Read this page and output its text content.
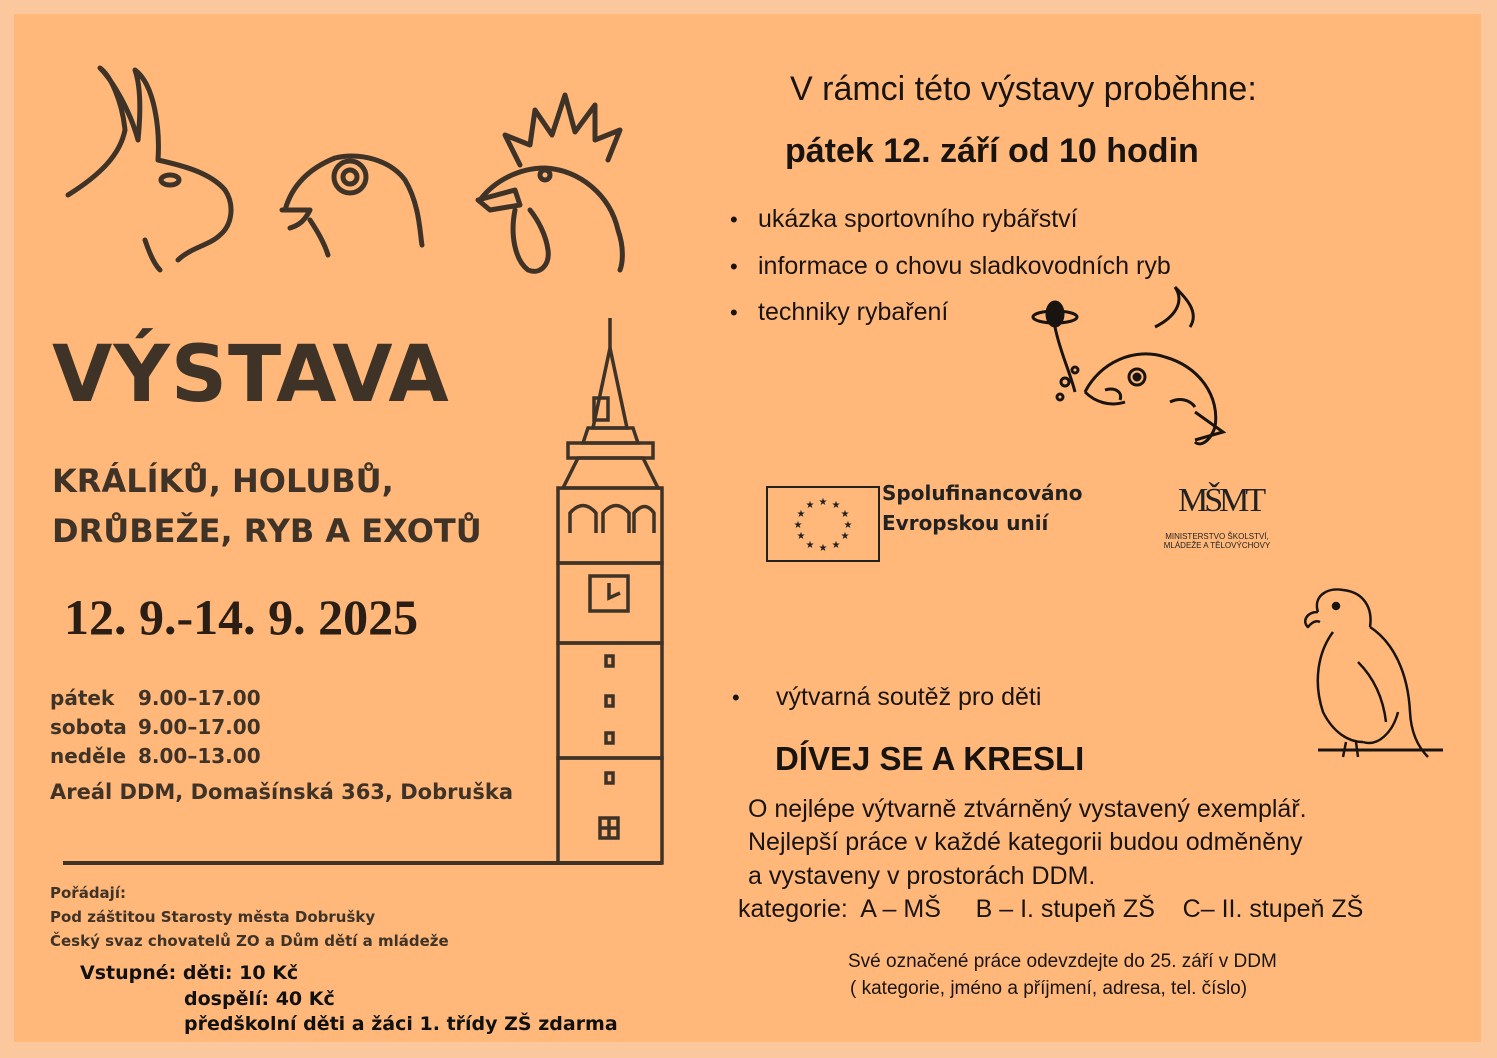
VÝSTAVA
KRÁLÍKŮ, HOLUBŮ,
DRŮBEŽE, RYB A EXOTŮ
12. 9.-14. 9. 2025
pátek 9.00–17.00
sobota 9.00–17.00
neděle 8.00–13.00
Areál DDM, Domašínská 363, Dobruška
Pořádají:
Pod záštitou Starosty města Dobrušky
Český svaz chovatelů ZO a Dům dětí a mládeže
Vstupné: děti: 10 Kč
dospělí: 40 Kč
předškolní děti a žáci 1. třídy ZŠ zdarma
V rámci této výstavy proběhne:
pátek 12. září od 10 hodin
• ukázka sportovního rybářství
• informace o chovu sladkovodních ryb
• techniky rybaření
★ ★
★
★
★
★
★
★
★
★
★
★
Spolufinancováno
Evropskou unií
MŠMT
MINISTERSTVO ŠKOLSTVÍ,
MLÁDEŽE A TĚLOVÝCHOVY
• výtvarná soutěž pro děti
DÍVEJ SE A KRESLI
O nejlépe výtvarně ztvárněný vystavený exemplář.
Nejlepší práce v každé kategorii budou odměněny
a vystaveny v prostorách DDM.
kategorie:  A – MŠ     B – I. stupeň ZŠ    C– II. stupeň ZŠ
Své označené práce odevzdejte do 25. září v DDM
( kategorie, jméno a příjmení, adresa, tel. číslo)
